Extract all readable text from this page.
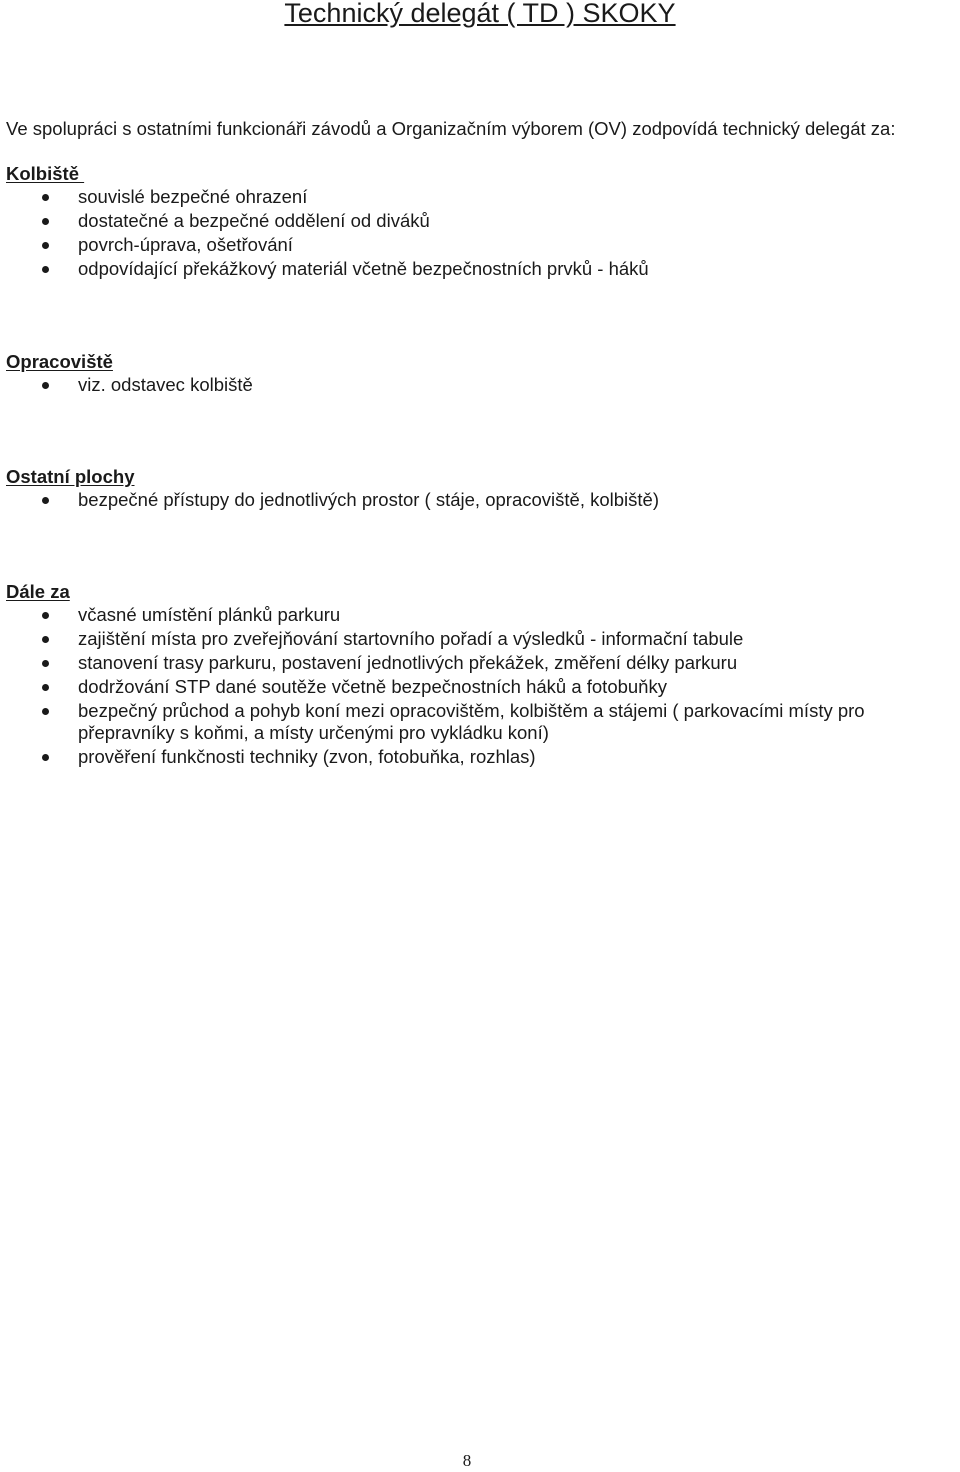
Technický delegát ( TD ) SKOKY
Ve spolupráci s ostatními funkcionáři závodů a Organizačním výborem (OV) zodpovídá technický delegát za:
Kolbiště
souvislé bezpečné ohrazení
dostatečné a bezpečné oddělení od diváků
povrch-úprava, ošetřování
odpovídající překážkový materiál včetně bezpečnostních prvků - háků
Opracoviště
viz. odstavec kolbiště
Ostatní plochy
bezpečné přístupy do jednotlivých prostor ( stáje, opracoviště, kolbiště)
Dále za
včasné umístění plánků parkuru
zajištění místa pro zveřejňování startovního pořadí a výsledků - informační tabule
stanovení trasy parkuru, postavení jednotlivých překážek, změření délky parkuru
dodržování STP dané soutěže včetně bezpečnostních háků a fotobuňky
bezpečný průchod a pohyb koní mezi opracovištěm, kolbištěm a stájemi ( parkovacími místy pro přepravníky s koňmi, a místy určenými pro vykládku koní)
prověření funkčnosti techniky (zvon, fotobuňka, rozhlas)
8
